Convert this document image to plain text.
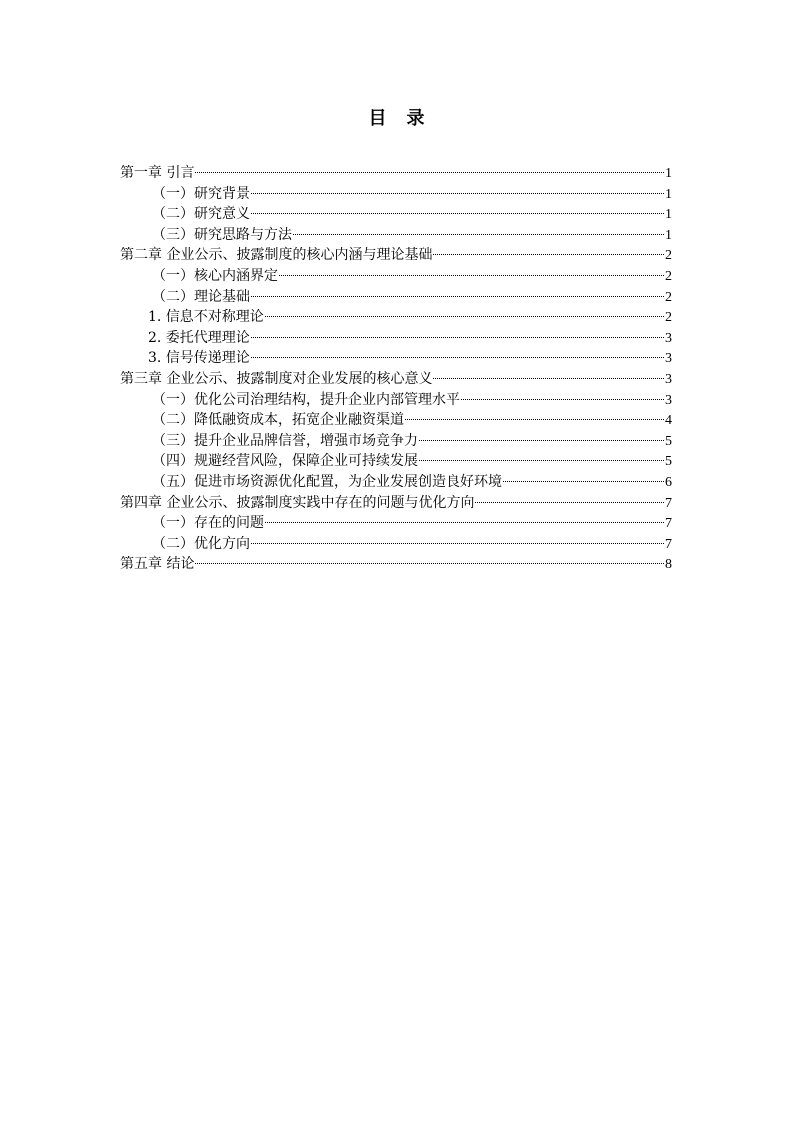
目 录
第一章 引言	1
（一）研究背景	1
（二）研究意义	1
（三）研究思路与方法	1
第二章 企业公示、披露制度的核心内涵与理论基础	2
（一）核心内涵界定	2
（二）理论基础	2
1. 信息不对称理论	2
2. 委托代理理论	3
3. 信号传递理论	3
第三章 企业公示、披露制度对企业发展的核心意义	3
（一）优化公司治理结构，提升企业内部管理水平	3
（二）降低融资成本，拓宽企业融资渠道	4
（三）提升企业品牌信誉，增强市场竞争力	5
（四）规避经营风险，保障企业可持续发展	5
（五）促进市场资源优化配置，为企业发展创造良好环境	6
第四章 企业公示、披露制度实践中存在的问题与优化方向	7
（一）存在的问题	7
（二）优化方向	7
第五章 结论	8
